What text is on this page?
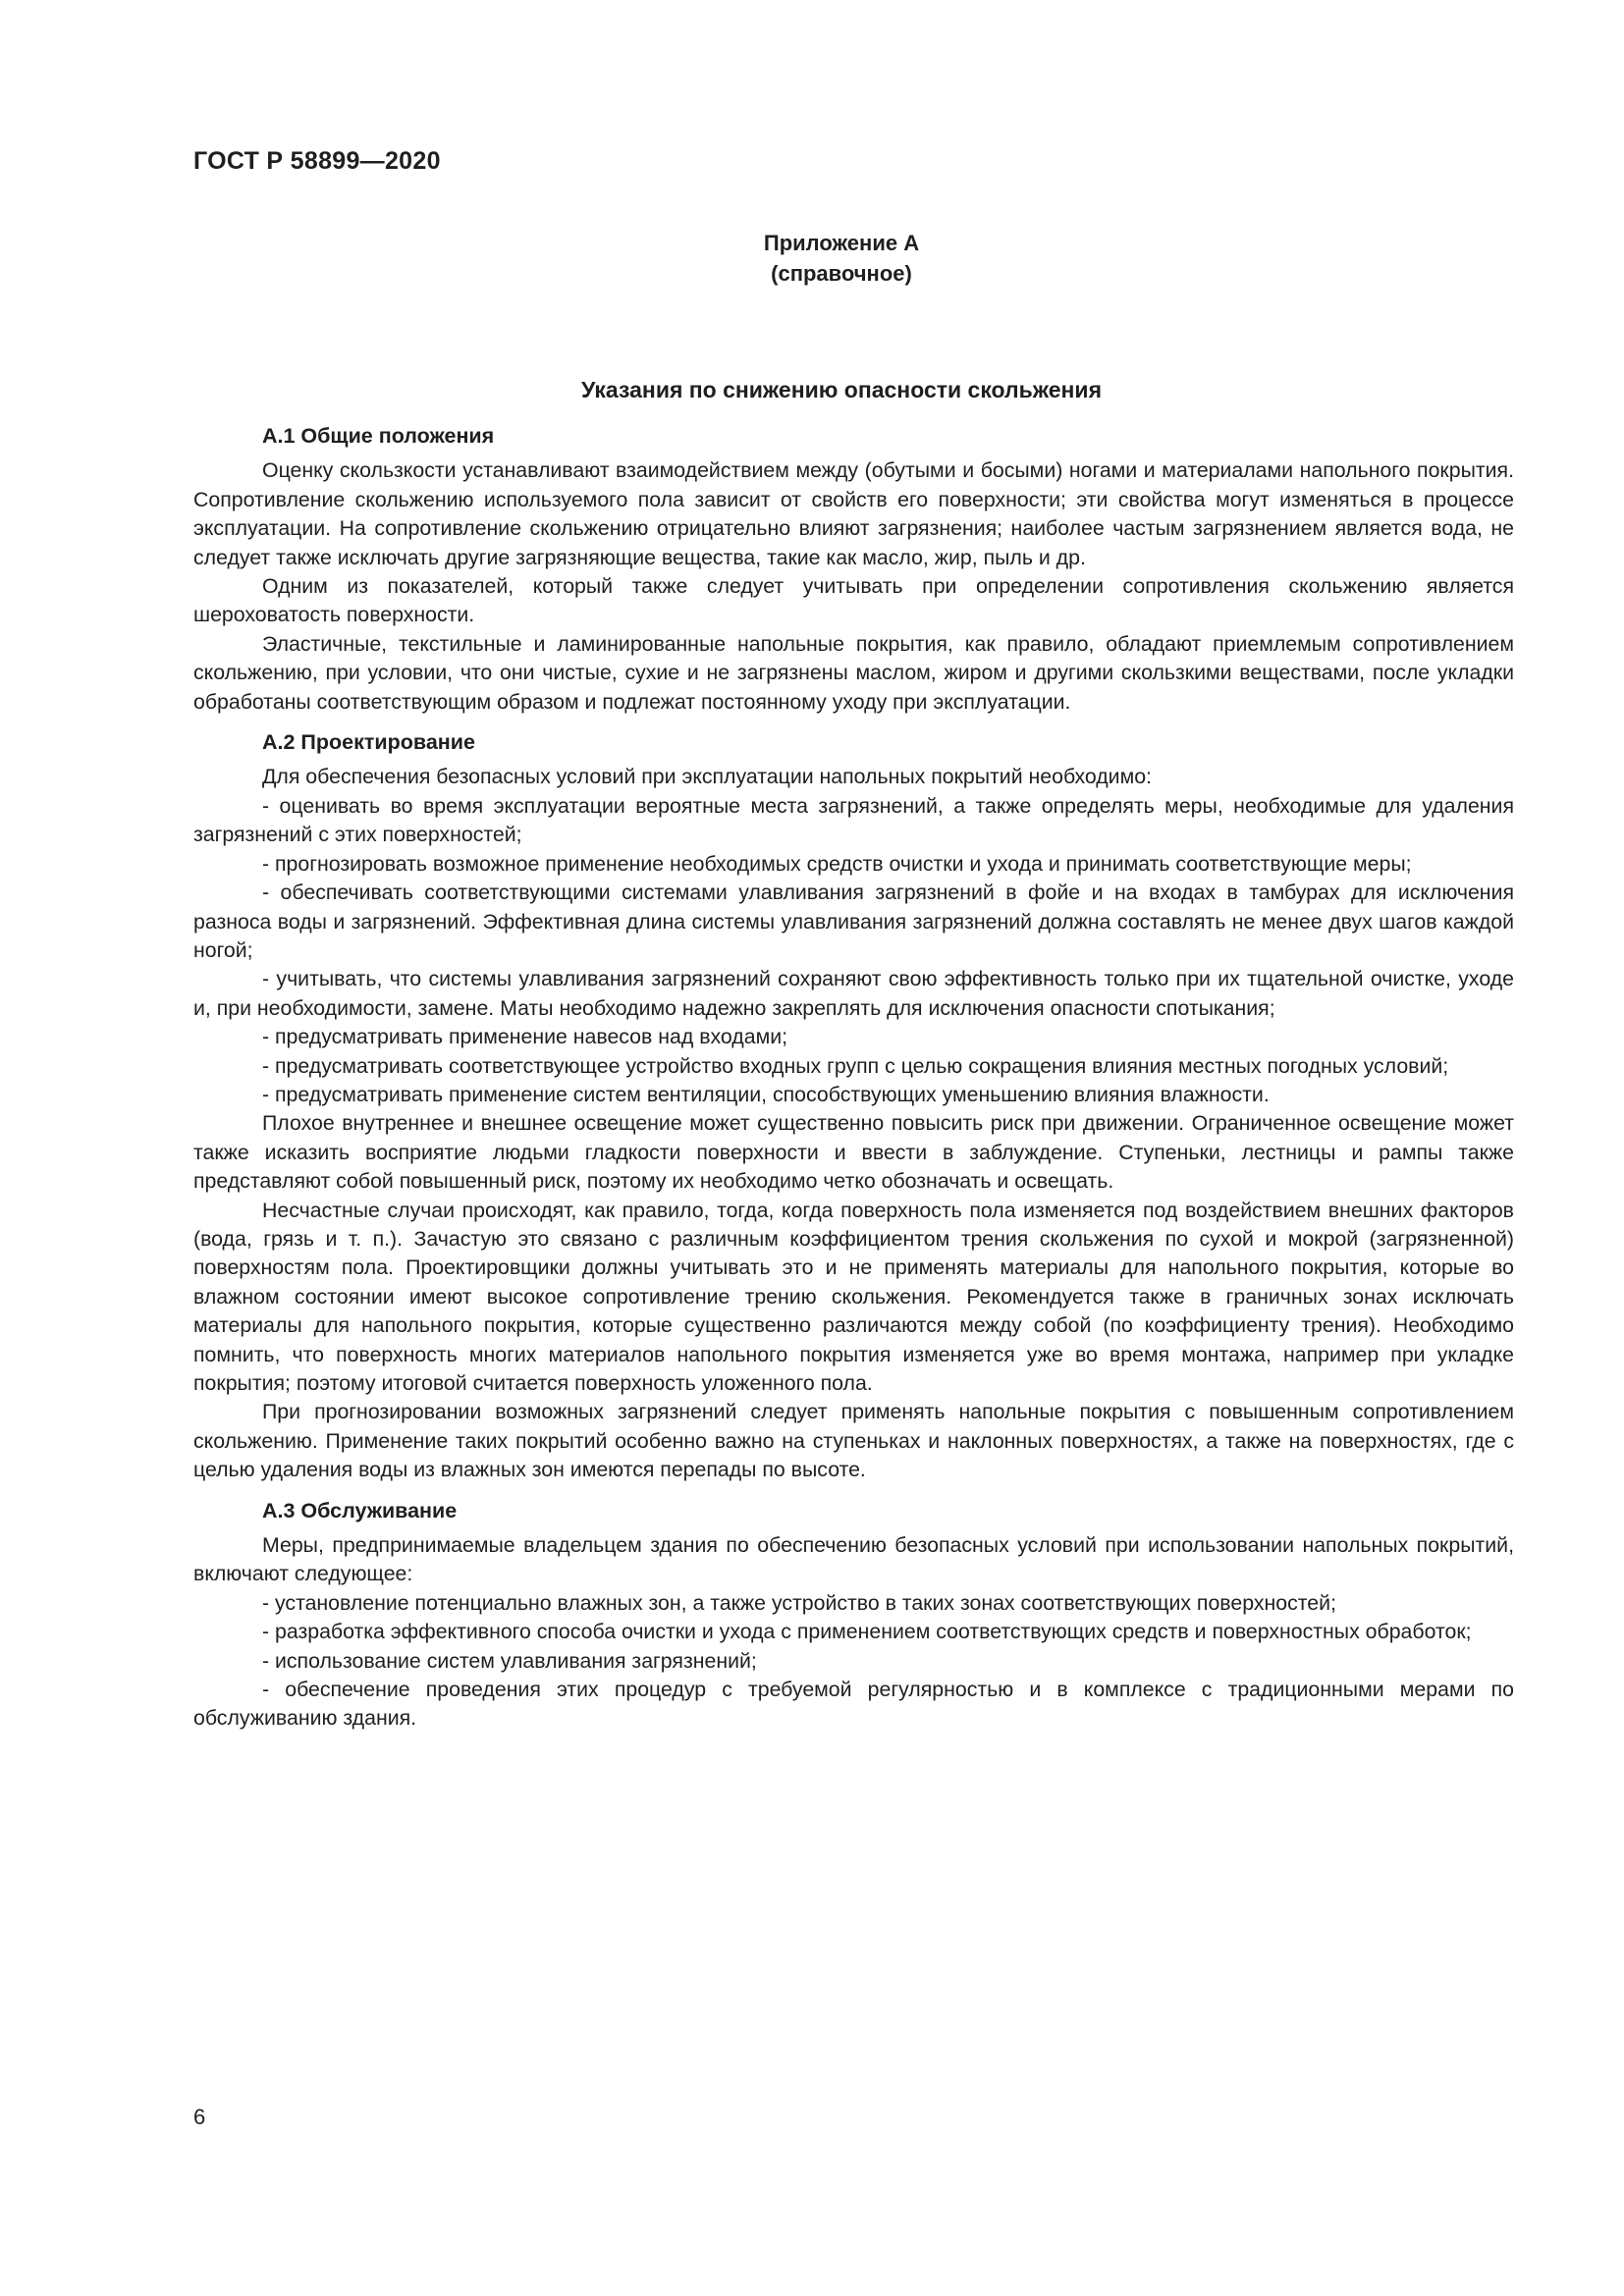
ГОСТ Р 58899—2020
Приложение А
(справочное)
Указания по снижению опасности скольжения
А.1 Общие положения

Оценку скользкости устанавливают взаимодействием между (обутыми и босыми) ногами и материалами напольного покрытия. Сопротивление скольжению используемого пола зависит от свойств его поверхности; эти свойства могут изменяться в процессе эксплуатации. На сопротивление скольжению отрицательно влияют загрязнения; наиболее частым загрязнением является вода, не следует также исключать другие загрязняющие вещества, такие как масло, жир, пыль и др.

Одним из показателей, который также следует учитывать при определении сопротивления скольжению является шероховатость поверхности.

Эластичные, текстильные и ламинированные напольные покрытия, как правило, обладают приемлемым сопротивлением скольжению, при условии, что они чистые, сухие и не загрязнены маслом, жиром и другими скользкими веществами, после укладки обработаны соответствующим образом и подлежат постоянному уходу при эксплуатации.

А.2 Проектирование

Для обеспечения безопасных условий при эксплуатации напольных покрытий необходимо:

- оценивать во время эксплуатации вероятные места загрязнений, а также определять меры, необходимые для удаления загрязнений с этих поверхностей;

- прогнозировать возможное применение необходимых средств очистки и ухода и принимать соответствующие меры;

- обеспечивать соответствующими системами улавливания загрязнений в фойе и на входах в тамбурах для исключения разноса воды и загрязнений. Эффективная длина системы улавливания загрязнений должна составлять не менее двух шагов каждой ногой;

- учитывать, что системы улавливания загрязнений сохраняют свою эффективность только при их тщательной очистке, уходе и, при необходимости, замене. Маты необходимо надежно закреплять для исключения опасности спотыкания;

- предусматривать применение навесов над входами;

- предусматривать соответствующее устройство входных групп с целью сокращения влияния местных погодных условий;

- предусматривать применение систем вентиляции, способствующих уменьшению влияния влажности.

Плохое внутреннее и внешнее освещение может существенно повысить риск при движении. Ограниченное освещение может также исказить восприятие людьми гладкости поверхности и ввести в заблуждение. Ступеньки, лестницы и рампы также представляют собой повышенный риск, поэтому их необходимо четко обозначать и освещать.

Несчастные случаи происходят, как правило, тогда, когда поверхность пола изменяется под воздействием внешних факторов (вода, грязь и т. п.). Зачастую это связано с различным коэффициентом трения скольжения по сухой и мокрой (загрязненной) поверхностям пола. Проектировщики должны учитывать это и не применять материалы для напольного покрытия, которые во влажном состоянии имеют высокое сопротивление трению скольжения. Рекомендуется также в граничных зонах исключать материалы для напольного покрытия, которые существенно различаются между собой (по коэффициенту трения). Необходимо помнить, что поверхность многих материалов напольного покрытия изменяется уже во время монтажа, например при укладке покрытия; поэтому итоговой считается поверхность уложенного пола.

При прогнозировании возможных загрязнений следует применять напольные покрытия с повышенным сопротивлением скольжению. Применение таких покрытий особенно важно на ступеньках и наклонных поверхностях, а также на поверхностях, где с целью удаления воды из влажных зон имеются перепады по высоте.

А.3 Обслуживание

Меры, предпринимаемые владельцем здания по обеспечению безопасных условий при использовании напольных покрытий, включают следующее:

- установление потенциально влажных зон, а также устройство в таких зонах соответствующих поверхностей;

- разработка эффективного способа очистки и ухода с применением соответствующих средств и поверхностных обработок;

- использование систем улавливания загрязнений;

- обеспечение проведения этих процедур с требуемой регулярностью и в комплексе с традиционными мерами по обслуживанию здания.

6
